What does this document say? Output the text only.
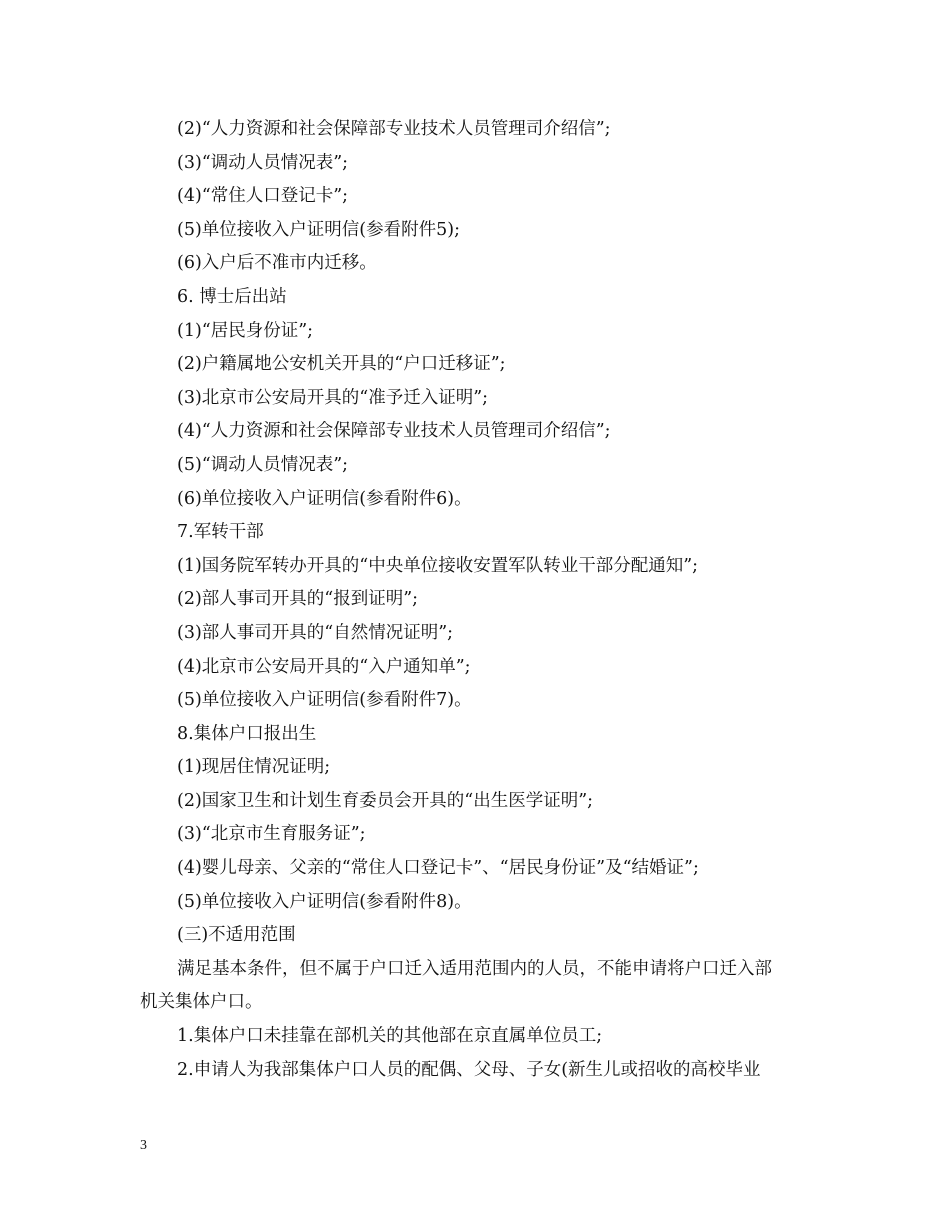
(2)“人力资源和社会保障部专业技术人员管理司介绍信”;
(3)“调动人员情况表”;
(4)“常住人口登记卡”;
(5)单位接收入户证明信(参看附件5);
(6)入户后不准市内迁移。
6. 博士后出站
(1)“居民身份证”;
(2)户籍属地公安机关开具的“户口迁移证”;
(3)北京市公安局开具的“准予迁入证明”;
(4)“人力资源和社会保障部专业技术人员管理司介绍信”;
(5)“调动人员情况表”;
(6)单位接收入户证明信(参看附件6)。
7.军转干部
(1)国务院军转办开具的“中央单位接收安置军队转业干部分配通知”;
(2)部人事司开具的“报到证明”;
(3)部人事司开具的“自然情况证明”;
(4)北京市公安局开具的“入户通知单”;
(5)单位接收入户证明信(参看附件7)。
8.集体户口报出生
(1)现居住情况证明;
(2)国家卫生和计划生育委员会开具的“出生医学证明”;
(3)“北京市生育服务证”;
(4)婴儿母亲、父亲的“常住人口登记卡”、“居民身份证”及“结婚证”;
(5)单位接收入户证明信(参看附件8)。
(三)不适用范围
满足基本条件，但不属于户口迁入适用范围内的人员，不能申请将户口迁入部
机关集体户口。
1.集体户口未挂靠在部机关的其他部在京直属单位员工;
2.申请人为我部集体户口人员的配偶、父母、子女(新生儿或招收的高校毕业
3
